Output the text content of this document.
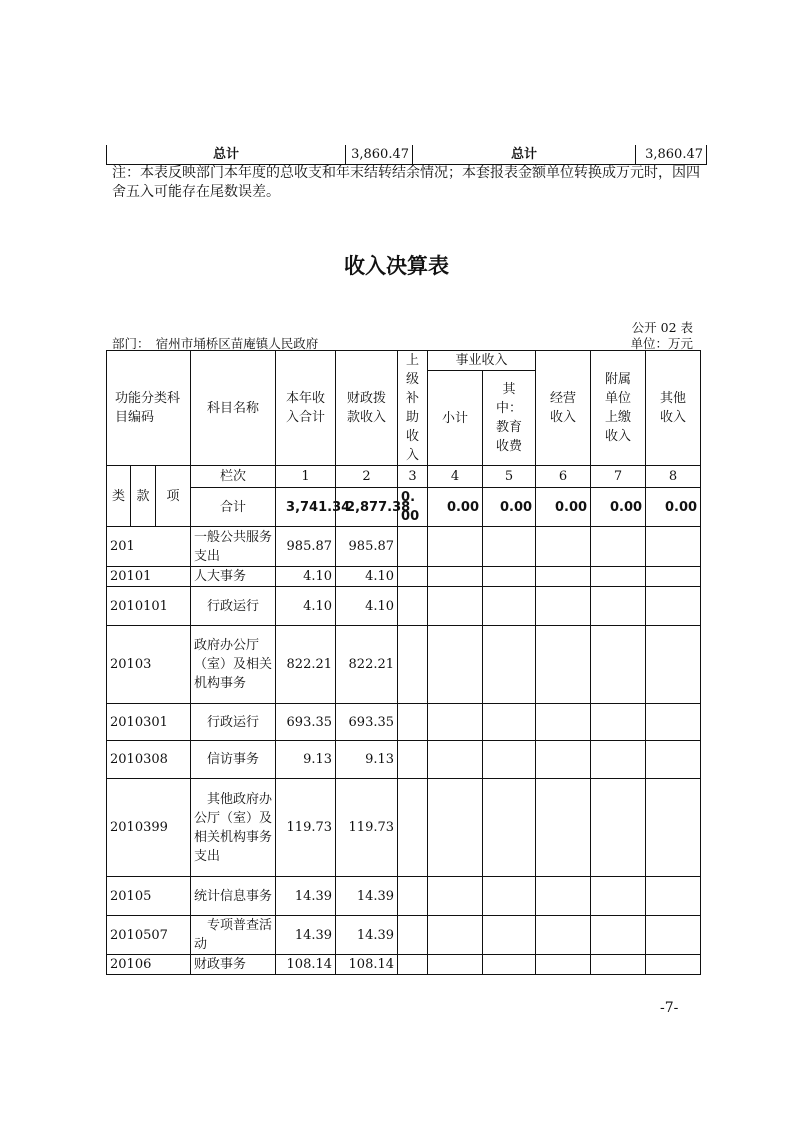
总计	3,860.47	总计	3,860.47
注：本表反映部门本年度的总收支和年末结转结余情况；本套报表金额单位转换成万元时，因四舍五入可能存在尾数误差。
收入决算表
公开 02 表
部门：　宿州市埇桥区苗庵镇人民政府	单位：万元
功能分类科目编码			科目名称	本年收入合计	财政拨款收入	上级补助收入	事业收入		经营收入	附属单位上缴收入	其他收入
							小计	其中：教育收费			
类	款	项	栏次	1	2	3	4	5	6	7	8
			合计	3,741.34	2,877.38	0.00	0.00	0.00	0.00	0.00	0.00
201			一般公共服务支出	985.87	985.87						
20101			人大事务	4.10	4.10						
2010101			　行政运行	4.10	4.10						
20103			政府办公厅（室）及相关机构事务	822.21	822.21						
2010301			　行政运行	693.35	693.35						
2010308			　信访事务	9.13	9.13						
2010399			　其他政府办公厅（室）及相关机构事务支出	119.73	119.73						
20105			统计信息事务	14.39	14.39						
2010507			　专项普查活动	14.39	14.39						
20106			财政事务	108.14	108.14						
-7-
